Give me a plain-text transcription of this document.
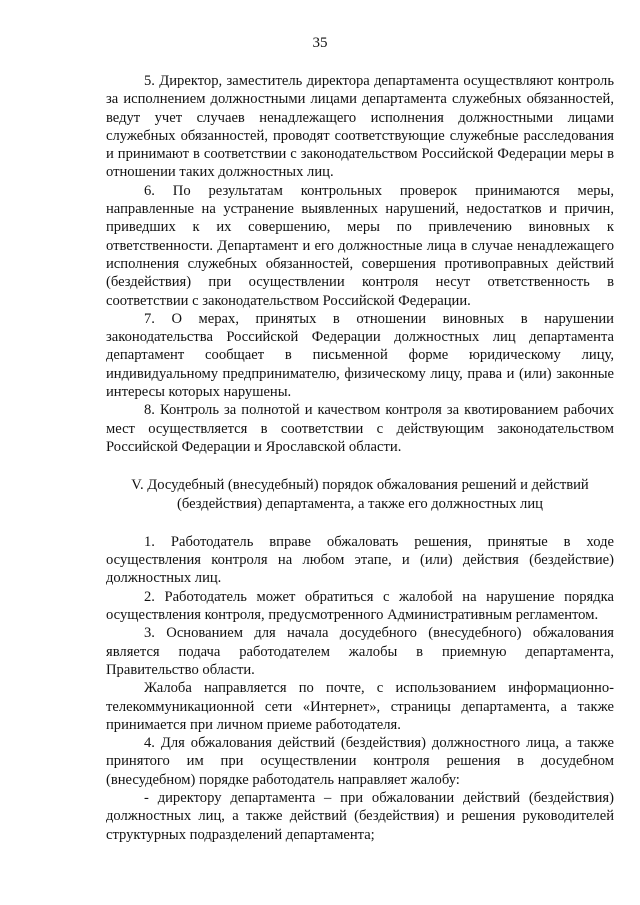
35

5. Директор, заместитель директора департамента осуществляют контроль за исполнением должностными лицами департамента служебных обязанностей, ведут учет случаев ненадлежащего исполнения должностными лицами служебных обязанностей, проводят соответствующие служебные расследования и принимают в соответствии с законодательством Российской Федерации меры в отношении таких должностных лиц.

6. По результатам контрольных проверок принимаются меры, направленные на устранение выявленных нарушений, недостатков и причин, приведших к их совершению, меры по привлечению виновных к ответственности. Департамент и его должностные лица в случае ненадлежащего исполнения служебных обязанностей, совершения противоправных действий (бездействия) при осуществлении контроля несут ответственность в соответствии с законодательством Российской Федерации.

7. О мерах, принятых в отношении виновных в нарушении законодательства Российской Федерации должностных лиц департамента департамент сообщает в письменной форме юридическому лицу, индивидуальному предпринимателю, физическому лицу, права и (или) законные интересы которых нарушены.

8. Контроль за полнотой и качеством контроля за квотированием рабочих мест осуществляется в соответствии с действующим законодательством Российской Федерации и Ярославской области.

V. Досудебный (внесудебный) порядок обжалования решений и действий
(бездействия) департамента, а также его должностных лиц

1. Работодатель вправе обжаловать решения, принятые в ходе осуществления контроля на любом этапе, и (или) действия (бездействие) должностных лиц.

2. Работодатель может обратиться с жалобой на нарушение порядка осуществления контроля, предусмотренного Административным регламентом.

3. Основанием для начала досудебного (внесудебного) обжалования является подача работодателем жалобы в приемную департамента, Правительство области.

Жалоба направляется по почте, с использованием информационно-телекоммуникационной сети «Интернет», страницы департамента, а также принимается при личном приеме работодателя.

4. Для обжалования действий (бездействия) должностного лица, а также принятого им при осуществлении контроля решения в досудебном (внесудебном) порядке работодатель направляет жалобу:

- директору департамента – при обжаловании действий (бездействия) должностных лиц, а также действий (бездействия) и решения руководителей структурных подразделений департамента;
